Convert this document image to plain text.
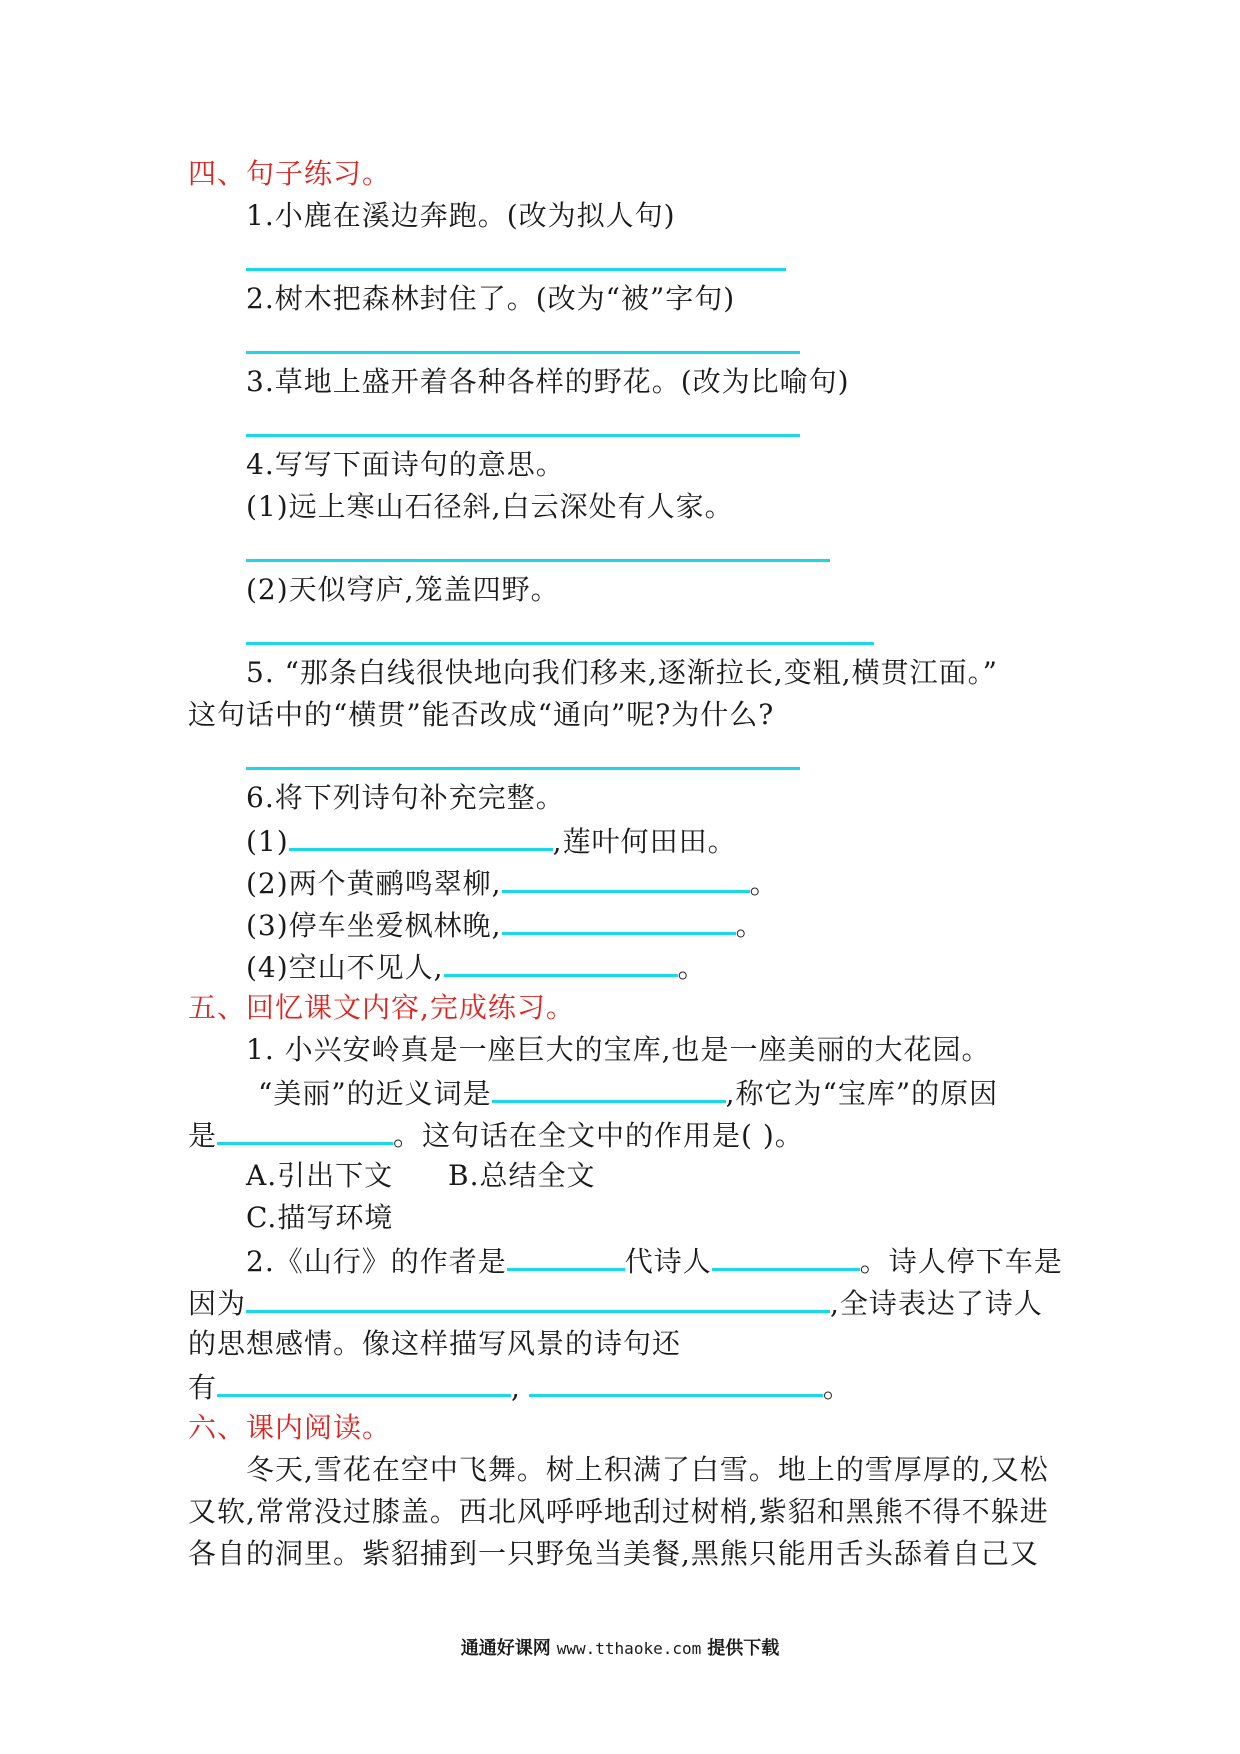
四、句子练习。
1.小鹿在溪边奔跑。(改为拟人句)
2.树木把森林封住了。(改为“被”字句)
3.草地上盛开着各种各样的野花。(改为比喻句)
4.写写下面诗句的意思。
(1)远上寒山石径斜,白云深处有人家。
(2)天似穹庐,笼盖四野。
5. “那条白线很快地向我们移来,逐渐拉长,变粗,横贯江面。”
这句话中的“横贯”能否改成“通向”呢?为什么?
6.将下列诗句补充完整。
(1)	,莲叶何田田。
(2)两个黄鹂鸣翠柳,	。
(3)停车坐爱枫林晚,	。
(4)空山不见人,	。
五、回忆课文内容,完成练习。
1. 小兴安岭真是一座巨大的宝库,也是一座美丽的大花园。
“美丽”的近义词是	,称它为“宝库”的原因
是	。这句话在全文中的作用是( )。
A.引出下文 B.总结全文
C.描写环境
2.《山行》的作者是	代诗人	。诗人停下车是
因为	,全诗表达了诗人
的思想感情。像这样描写风景的诗句还
有	,	。
六、课内阅读。
冬天,雪花在空中飞舞。树上积满了白雪。地上的雪厚厚的,又松
又软,常常没过膝盖。西北风呼呼地刮过树梢,紫貂和黑熊不得不躲进
各自的洞里。紫貂捕到一只野兔当美餐,黑熊只能用舌头舔着自己又
通通好课网 www.tthaoke.com 提供下载
